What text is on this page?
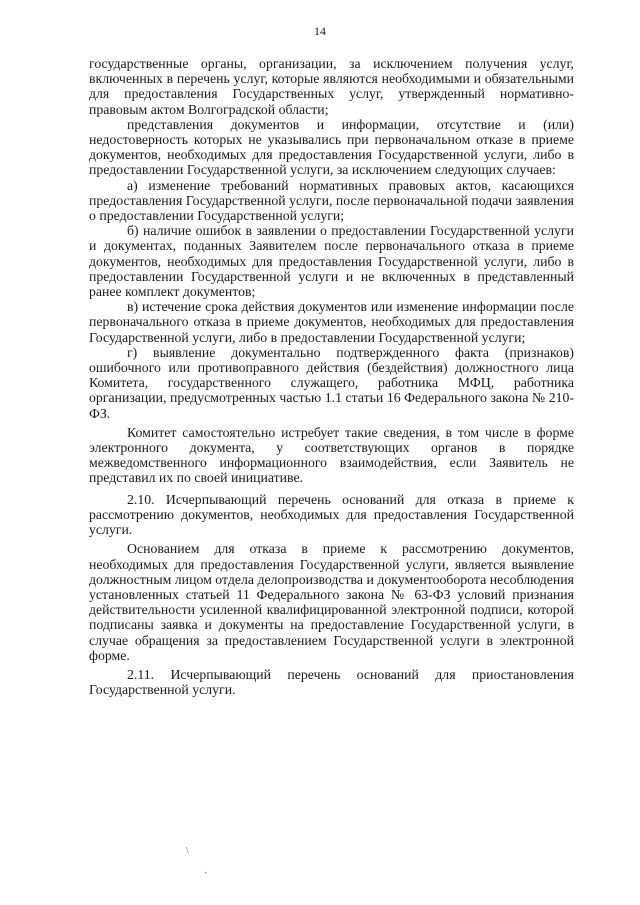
14

государственные органы, организации, за исключением получения услуг, включенных в перечень услуг, которые являются необходимыми и обязательными для предоставления Государственных услуг, утвержденный нормативно-правовым актом Волгоградской области;

представления документов и информации, отсутствие и (или) недостоверность которых не указывались при первоначальном отказе в приеме документов, необходимых для предоставления Государственной услуги, либо в предоставлении Государственной услуги, за исключением следующих случаев:

а) изменение требований нормативных правовых актов, касающихся предоставления Государственной услуги, после первоначальной подачи заявления о предоставлении Государственной услуги;

б) наличие ошибок в заявлении о предоставлении Государственной услуги и документах, поданных Заявителем после первоначального отказа в приеме документов, необходимых для предоставления Государственной услуги, либо в предоставлении Государственной услуги и не включенных в представленный ранее комплект документов;

в) истечение срока действия документов или изменение информации после первоначального отказа в приеме документов, необходимых для предоставления Государственной услуги, либо в предоставлении Государственной услуги;

г) выявление документально подтвержденного факта (признаков) ошибочного или противоправного действия (бездействия) должностного лица Комитета, государственного служащего, работника МФЦ, работника организации, предусмотренных частью 1.1 статьи 16 Федерального закона № 210-ФЗ.

Комитет самостоятельно истребует такие сведения, в том числе в форме электронного документа, у соответствующих органов в порядке межведомственного информационного взаимодействия, если Заявитель не представил их по своей инициативе.

2.10. Исчерпывающий перечень оснований для отказа в приеме к рассмотрению документов, необходимых для предоставления Государственной услуги.

Основанием для отказа в приеме к рассмотрению документов, необходимых для предоставления Государственной услуги, является выявление должностным лицом отдела делопроизводства и документооборота несоблюдения установленных статьей 11 Федерального закона № 63-ФЗ условий признания действительности усиленной квалифицированной электронной подписи, которой подписаны заявка и документы на предоставление Государственной услуги, в случае обращения за предоставлением Государственной услуги в электронной форме.

2.11. Исчерпывающий перечень оснований для приостановления Государственной услуги.

\
·
